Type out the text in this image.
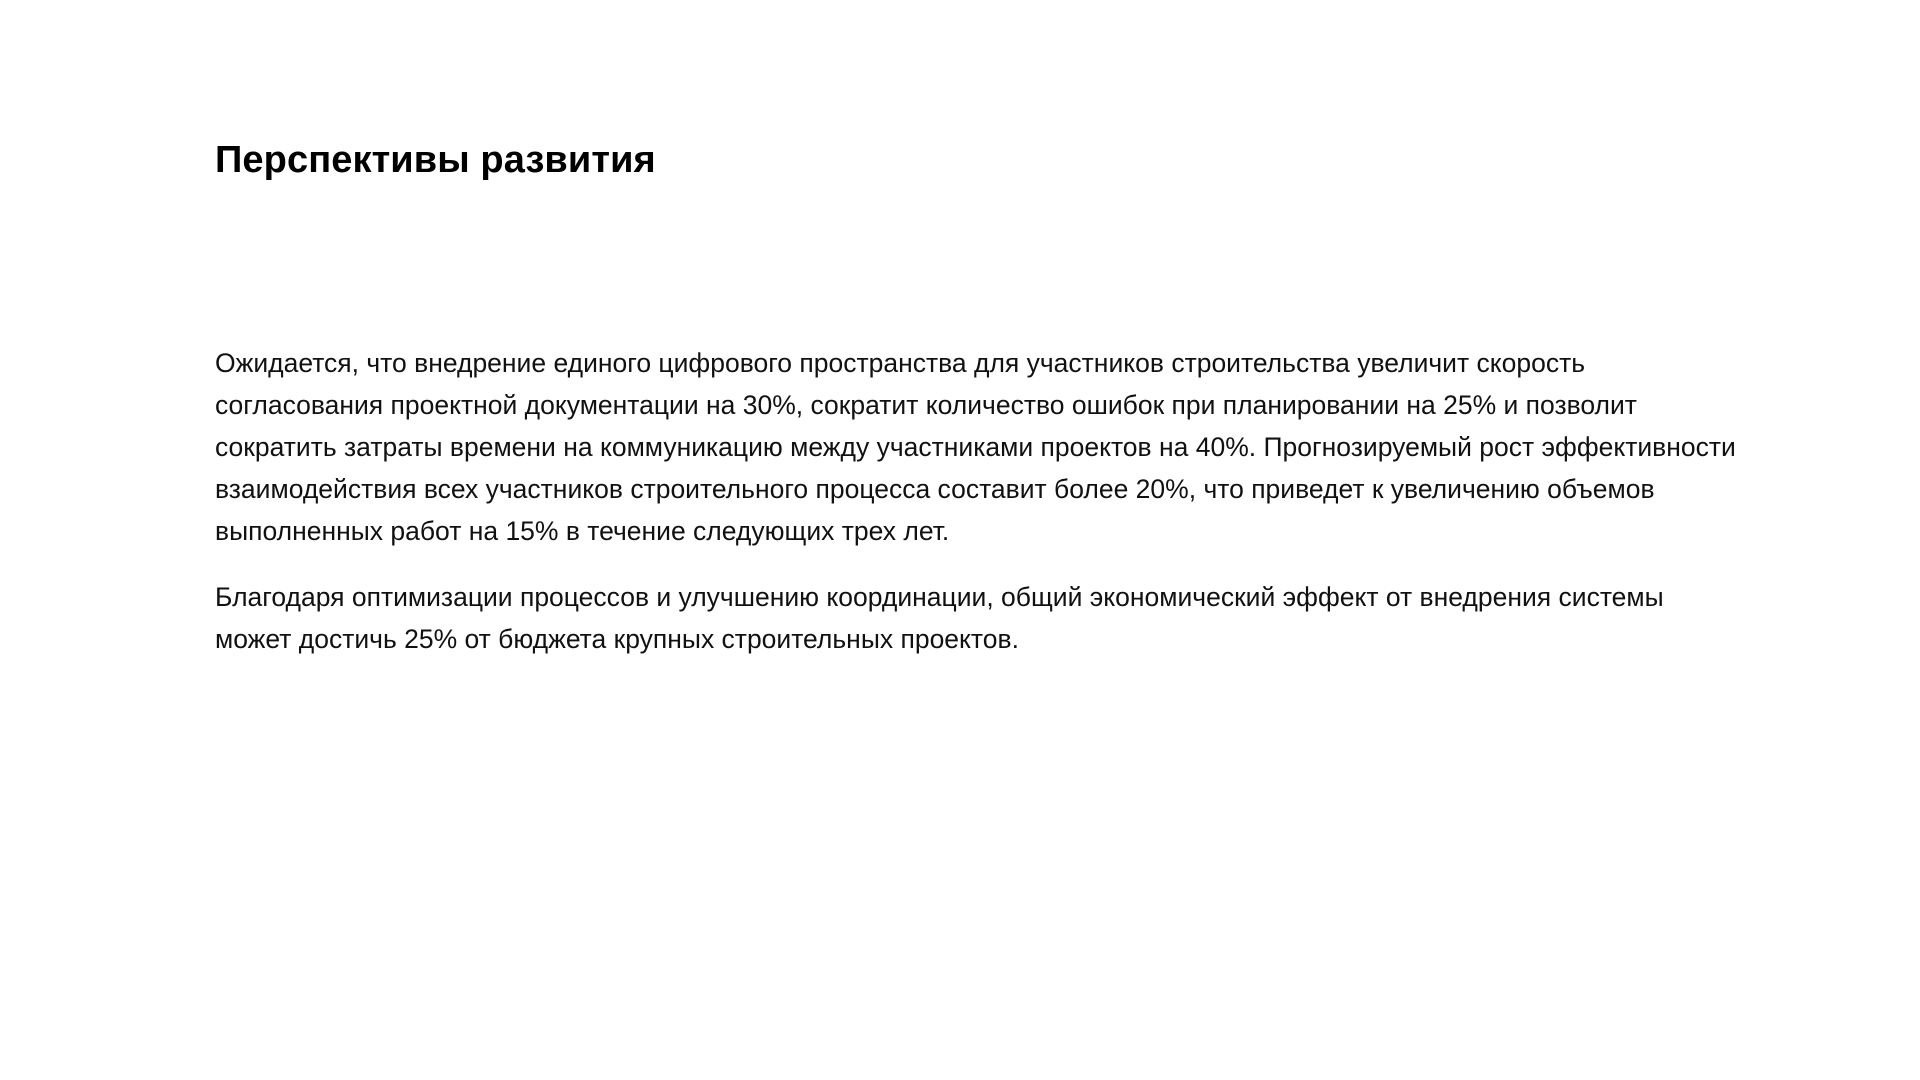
Перспективы развития

Ожидается, что внедрение единого цифрового пространства для участников строительства увеличит скорость согласования проектной документации на 30%, сократит количество ошибок при планировании на 25% и позволит сократить затраты времени на коммуникацию между участниками проектов на 40%. Прогнозируемый рост эффективности взаимодействия всех участников строительного процесса составит более 20%, что приведет к увеличению объемов выполненных работ на 15% в течение следующих трех лет.

Благодаря оптимизации процессов и улучшению координации, общий экономический эффект от внедрения системы может достичь 25% от бюджета крупных строительных проектов.
